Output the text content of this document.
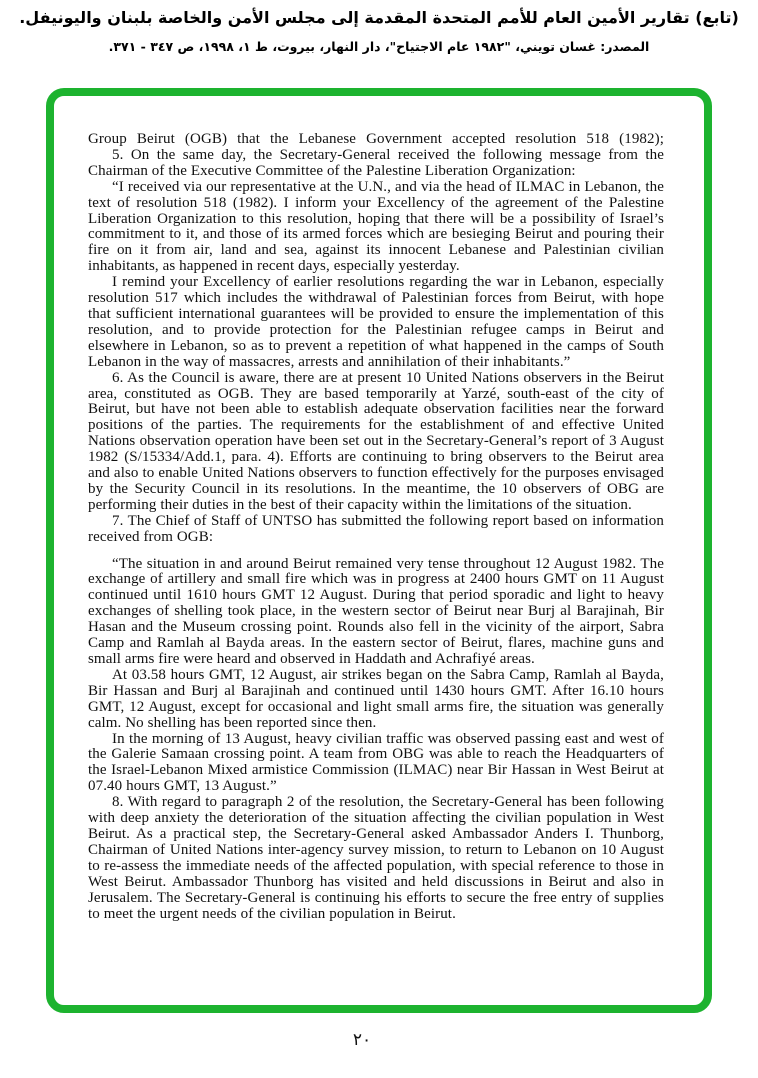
(تابع) تقارير الأمين العام للأمم المتحدة المقدمة إلى مجلس الأمن والخاصة بلبنان واليونيفل.
المصدر: غسان تويني، "١٩٨٢ عام الاجتياح"، دار النهار، بيروت، ط ١، ١٩٩٨، ص ٣٤٧ - ٣٧١.

Group Beirut (OGB) that the Lebanese Government accepted resolution 518 (1982);

5. On the same day, the Secretary-General received the following message from the Chairman of the Executive Committee of the Palestine Liberation Organization:

“I received via our representative at the U.N., and via the head of ILMAC in Lebanon, the text of resolution 518 (1982). I inform your Excellency of the agreement of the Palestine Liberation Organization to this resolution, hoping that there will be a possibility of Israel’s commitment to it, and those of its armed forces which are besieging Beirut and pouring their fire on it from air, land and sea, against its innocent Lebanese and Palestinian civilian inhabitants, as happened in recent days, especially yesterday.

I remind your Excellency of earlier resolutions regarding the war in Lebanon, especially resolution 517 which includes the withdrawal of Palestinian forces from Beirut, with hope that sufficient international guarantees will be provided to ensure the implementation of this resolution, and to provide protection for the Palestinian refugee camps in Beirut and elsewhere in Lebanon, so as to prevent a repetition of what happened in the camps of South Lebanon in the way of massacres, arrests and annihilation of their inhabitants.”

6. As the Council is aware, there are at present 10 United Nations observers in the Beirut area, constituted as OGB. They are based temporarily at Yarzé, south-east of the city of Beirut, but have not been able to establish adequate observation facilities near the forward positions of the parties. The requirements for the establishment of and effective United Nations observation operation have been set out in the Secretary-General’s report of 3 August 1982 (S/15334/Add.1, para. 4). Efforts are continuing to bring observers to the Beirut area and also to enable United Nations observers to function effectively for the purposes envisaged by the Security Council in its resolutions. In the meantime, the 10 observers of OBG are performing their duties in the best of their capacity within the limitations of the situation.

7. The Chief of Staff of UNTSO has submitted the following report based on information received from OGB:

“The situation in and around Beirut remained very tense throughout 12 August 1982. The exchange of artillery and small fire which was in progress at 2400 hours GMT on 11 August continued until 1610 hours GMT 12 August. During that period sporadic and light to heavy exchanges of shelling took place, in the western sector of Beirut near Burj al Barajinah, Bir Hasan and the Museum crossing point. Rounds also fell in the vicinity of the airport, Sabra Camp and Ramlah al Bayda areas. In the eastern sector of Beirut, flares, machine guns and small arms fire were heard and observed in Haddath and Achrafiyé areas.

At 03.58 hours GMT, 12 August, air strikes began on the Sabra Camp, Ramlah al Bayda, Bir Hassan and Burj al Barajinah and continued until 1430 hours GMT. After 16.10 hours GMT, 12 August, except for occasional and light small arms fire, the situation was generally calm. No shelling has been reported since then.

In the morning of 13 August, heavy civilian traffic was observed passing east and west of the Galerie Samaan crossing point. A team from OBG was able to reach the Headquarters of the Israel-Lebanon Mixed armistice Commission (ILMAC) near Bir Hassan in West Beirut at 07.40 hours GMT, 13 August.”

8. With regard to paragraph 2 of the resolution, the Secretary-General has been following with deep anxiety the deterioration of the situation affecting the civilian population in West Beirut. As a practical step, the Secretary-General asked Ambassador Anders I. Thunborg, Chairman of United Nations inter-agency survey mission, to return to Lebanon on 10 August to re-assess the immediate needs of the affected population, with special reference to those in West Beirut. Ambassador Thunborg has visited and held discussions in Beirut and also in Jerusalem. The Secretary-General is continuing his efforts to secure the free entry of supplies to meet the urgent needs of the civilian population in Beirut.

٢٠
